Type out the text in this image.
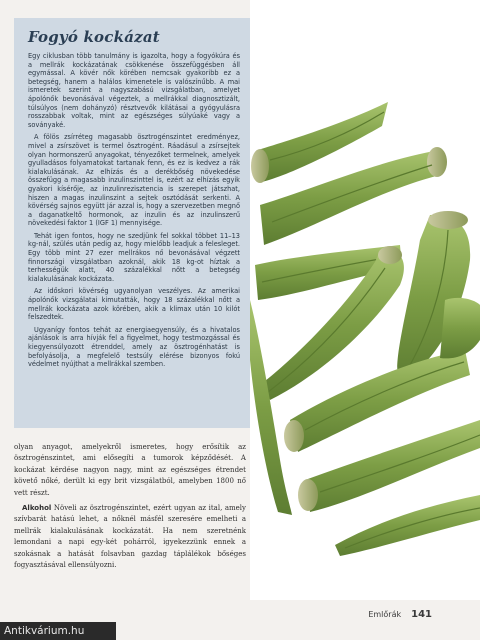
Fogyó kockázat

Egy ciklusban több tanulmány is igazolta, hogy a fogyókúra és a mellrák kockázatának csökkenése összefüggésben áll egymással. A kövér nők körében nemcsak gyakoribb ez a betegség, hanem a halálos kimenetele is valószínűbb. A mai ismeretek szerint a nagyszabású vizsgálatban, amelyet ápolónők bevonásával végeztek, a mellrákkal diagnosztizált, túlsúlyos (nem dohányzó) résztvevők kilátásai a gyógyulásra rosszabbak voltak, mint az egészséges súlyúaké vagy a soványaké.

A fölös zsírréteg magasabb ösztrogénszintet eredményez, mivel a zsírszövet is termel ösztrogént. Ráadásul a zsírsejtek olyan hormonszerű anyagokat, tényezőket termelnek, amelyek gyulladásos folyamatokat tartanak fenn, és ez is kedvez a rák kialakulásának. Az elhízás és a derékbőség növekedése összefügg a magasabb inzulinszinttel is, ezért az elhízás egyik gyakori kísérője, az inzulinrezisztencia is szerepet játszhat, hiszen a magas inzulinszint a sejtek osztódását serkenti. A kövérség sajnos együtt jár azzal is, hogy a szervezetben megnő a daganatkeltő hormonok, az inzulin és az inzulinszerű növekedési faktor 1 (IGF 1) mennyisége.

Tehát igen fontos, hogy ne szedjünk fel sokkal többet 11–13 kg-nál, szülés után pedig az, hogy mielőbb leadjuk a felesleget. Egy több mint 27 ezer mellrákos nő bevonásával végzett finnországi vizsgálatban azoknál, akik 18 kg-ot híztak a terhességük alatt, 40 százalékkal nőtt a betegség kialakulásának kockázata.

Az időskori kövérség ugyanolyan veszélyes. Az amerikai ápolónők vizsgálatai kimutatták, hogy 18 százalékkal nőtt a mellrák kockázata azok körében, akik a klimax után 10 kilót felszedtek.

Ugyanígy fontos tehát az energiaegyensúly, és a hivatalos ajánlások is arra hívják fel a figyelmet, hogy testmozgással és kiegyensúlyozott étrenddel, amely az ösztrogénhatást is befolyásolja, a megfelelő testsúly elérése bizonyos fokú védelmet nyújthat a mellrákkal szemben.

olyan anyagot, amelyekről ismeretes, hogy erősítik az ösztrogénszintet, ami elősegíti a tumorok képződését. A kockázat kérdése nagyon nagy, mint az egészséges étrendet követő nőké, derült ki egy brit vizsgálatból, amelyben 1800 nő vett részt.

Alkohol Növeli az ösztrogénszintet, ezért ugyan az ital, amely szívbarát hatású lehet, a nőknél másfél szeresére emelheti a mellrák kialakulásának kockázatát. Ha nem szeretnénk lemondani a napi egy-két pohárról, igyekezzünk ennek a szokásnak a hatását folsavban gazdag táplálékok bőséges fogyasztásával ellensúlyozni.

Emlőrák 141
Antikvárium.hu
